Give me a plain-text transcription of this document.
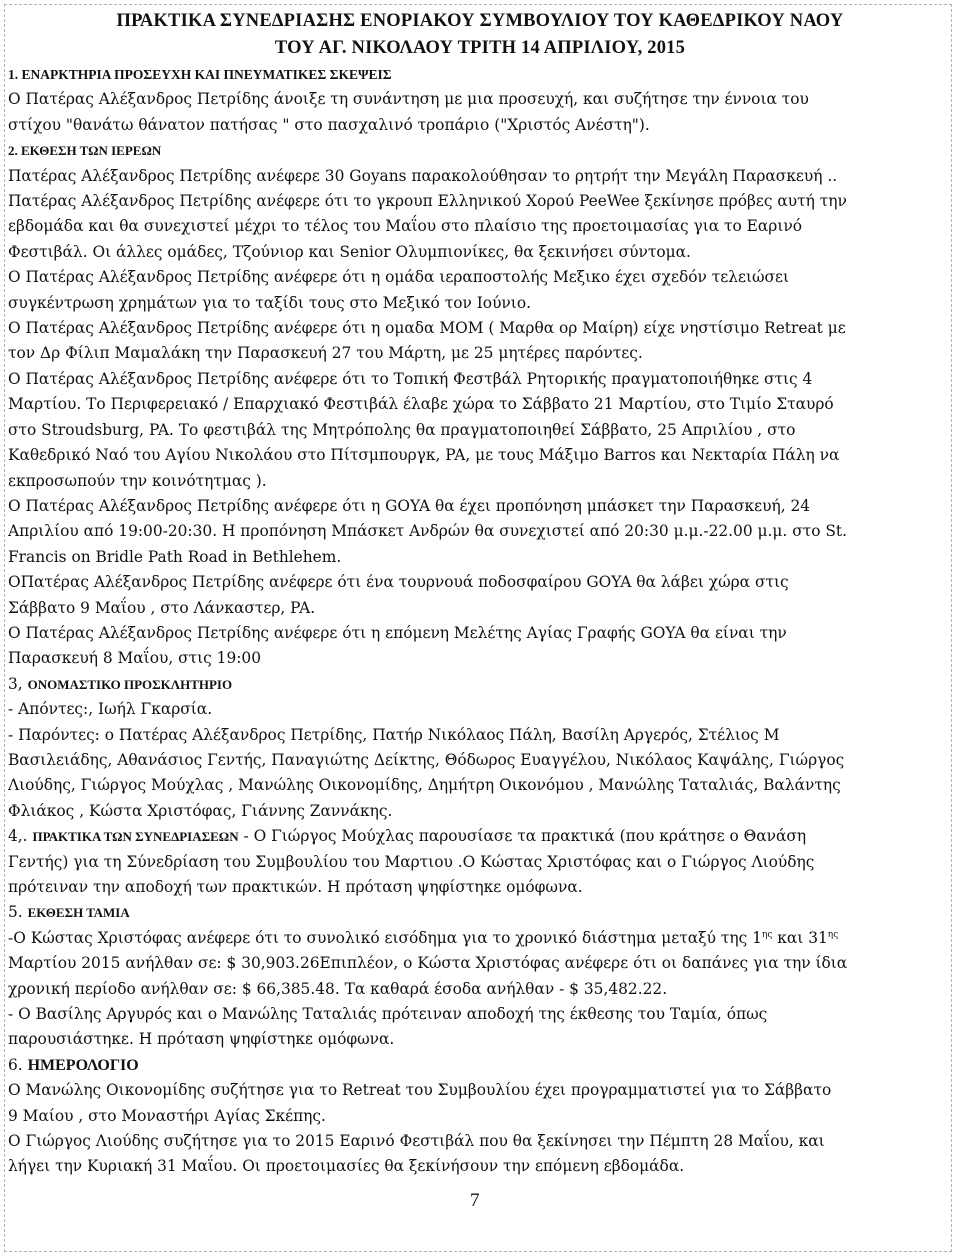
ΠΡΑΚΤΙΚΑ ΣΥΝΕΔΡΙΑΣΗΣ ΕΝΟΡΙΑΚΟΥ ΣΥΜΒΟΥΛΙΟΥ ΤΟΥ ΚΑΘΕΔΡΙΚΟΥ ΝΑΟΥ
ΤΟΥ ΑΓ. ΝΙΚΟΛΑΟΥ ΤΡΙΤΗ 14 ΑΠΡΙΛΙΟΥ, 2015
1. ΕΝΑΡΚΤΗΡΙΑ ΠΡΟΣΕΥΧΗ ΚΑΙ ΠΝΕΥΜΑΤΙΚΕΣ ΣΚΕΨΕΙΣ
Ο Πατέρας Αλέξανδρος Πετρίδης άνοιξε τη συνάντηση με μια προσευχή, και συζήτησε την έννοια του
στίχου "θανάτω θάνατον πατήσας " στο πασχαλινό τροπάριο ("Χριστός Ανέστη").
2. ΕΚΘΕΣΗ ΤΩΝ ΙΕΡΕΩΝ
Πατέρας Αλέξανδρος Πετρίδης ανέφερε 30 Goyans παρακολούθησαν το ρητρήτ την Μεγάλη Παρασκευή ..
Πατέρας Αλέξανδρος Πετρίδης ανέφερε ότι το γκρουπ Ελληνικού Χορού PeeWee ξεκίνησε πρόβες αυτή την
εβδομάδα και θα συνεχιστεί μέχρι το τέλος του Μαΐου στο πλαίσιο της προετοιμασίας για το Εαρινό
Φεστιβάλ. Οι άλλες ομάδες, Τζούνιορ και Senior Ολυμπιονίκες, θα ξεκινήσει σύντομα.
Ο Πατέρας Αλέξανδρος Πετρίδης ανέφερε ότι η ομάδα ιεραποστολής Μεξικο έχει σχεδόν τελειώσει
συγκέντρωση χρημάτων για το ταξίδι τους στο Μεξικό τον Ιούνιο.
Ο Πατέρας Αλέξανδρος Πετρίδης ανέφερε ότι η ομαδα ΜΟΜ ( Μαρθα ορ Μαίρη) είχε νηστίσιμο Retreat με
τον Δρ Φίλιπ Μαμαλάκη την Παρασκευή 27 του Μάρτη, με 25 μητέρες παρόντες.
Ο Πατέρας Αλέξανδρος Πετρίδης ανέφερε ότι το Τοπική Φεστβάλ Ρητορικής πραγματοποιήθηκε στις 4
Μαρτίου. Το Περιφερειακό / Επαρχιακό Φεστιβάλ έλαβε χώρα το Σάββατο 21 Μαρτίου, στο Τιμίο Σταυρό
στο Stroudsburg, PA. Το φεστιβάλ της Μητρόπολης θα πραγματοποιηθεί Σάββατο, 25 Απριλίου , στο
Καθεδρικό Ναό του Αγίου Νικολάου στο Πίτσμπουργκ, PA, με τους Μάξιμο Barros και Νεκταρία Πάλη να
εκπροσωπούν την κοινότητμας ).
Ο Πατέρας Αλέξανδρος Πετρίδης ανέφερε ότι η GOYA θα έχει προπόνηση μπάσκετ την Παρασκευή, 24
Απριλίου από 19:00-20:30. Η προπόνηση Μπάσκετ Ανδρών θα συνεχιστεί από 20:30 μ.μ.-22.00 μ.μ. στο St.
Francis on Bridle Path Road in Bethlehem.
ΟΠατέρας Αλέξανδρος Πετρίδης ανέφερε ότι ένα τουρνουά ποδοσφαίρου GOYA θα λάβει χώρα στις
Σάββατο 9 Μαΐου , στο Λάνκαστερ, PA.
Ο Πατέρας Αλέξανδρος Πετρίδης ανέφερε ότι η επόμενη Μελέτης Αγίας Γραφής GOYA θα είναι την
Παρασκευή 8 Μαΐου, στις 19:00
3, ΟΝΟΜΑΣΤΙΚΟ ΠΡΟΣΚΛΗΤΗΡΙΟ
- Απόντες:, Ιωήλ Γκαρσία.
- Παρόντες: ο Πατέρας Αλέξανδρος Πετρίδης, Πατήρ Νικόλαος Πάλη, Βασίλη Αργερός, Στέλιος Μ
Βασιλειάδης, Αθανάσιος Γεντής, Παναγιώτης Δείκτης, Θόδωρος Ευαγγέλου, Νικόλαος Καψάλης, Γιώργος
Λιούδης, Γιώργος Μούχλας , Μανώλης Οικονομίδης, Δημήτρη Οικονόμου , Μανώλης Ταταλιάς, Βαλάντης
Φλιάκος , Κώστα Χριστόφας, Γιάννης Ζαννάκης.
4,. ΠΡΑΚΤΙΚΑ ΤΩΝ ΣΥΝΕΔΡΙΑΣΕΩΝ - Ο Γιώργος Μούχλας παρουσίασε τα πρακτικά (που κράτησε ο Θανάση
Γεντής) για τη Σύνεδρίαση του Συμβουλίου του Μαρτιου .Ο Κώστας Χριστόφας και ο Γιώργος Λιούδης
πρότειναν την αποδοχή των πρακτικών. Η πρόταση ψηφίστηκε ομόφωνα.
5. ΕΚΘΕΣΗ ΤΑΜΙΑ
-Ο Κώστας Χριστόφας ανέφερε ότι το συνολικό εισόδημα για το χρονικό διάστημα μεταξύ της $1^{\eta\varsigma}$ και $31^{\eta\varsigma}$
Μαρτίου 2015 ανήλθαν σε: $ 30,903.26Επιπλέον, ο Κώστα Χριστόφας ανέφερε ότι οι δαπάνες για την ίδια
χρονική περίοδο ανήλθαν σε: $ 66,385.48. Τα καθαρά έσοδα ανήλθαν - $ 35,482.22.
- Ο Βασίλης Αργυρός και ο Μανώλης Ταταλιάς πρότειναν αποδοχή της έκθεσης του Ταμία, όπως
παρουσιάστηκε. Η πρόταση ψηφίστηκε ομόφωνα.
6. ΗΜΕΡΟΛΟΓΙΟ
Ο Μανώλης Οικονομίδης συζήτησε για το Retreat του Συμβουλίου έχει προγραμματιστεί για το Σάββατο
9 Μαίου , στο Μοναστήρι Αγίας Σκέπης.
Ο Γιώργος Λιούδης συζήτησε για το 2015 Εαρινό Φεστιβάλ που θα ξεκίνησει την Πέμπτη 28 Μαΐου, και
λήγει την Κυριακή 31 Μαΐου. Οι προετοιμασίες θα ξεκίνήσουν την επόμενη εβδομάδα.
7
